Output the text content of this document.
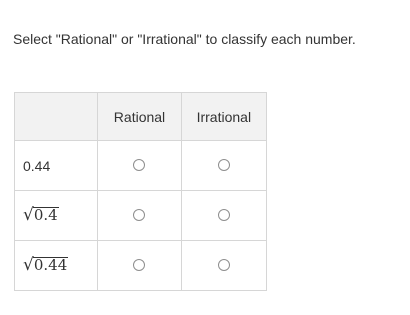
Select "Rational" or "Irrational" to classify each number.
	Rational	Irrational
0.44		

√ 0.4		

√ 0.44		
